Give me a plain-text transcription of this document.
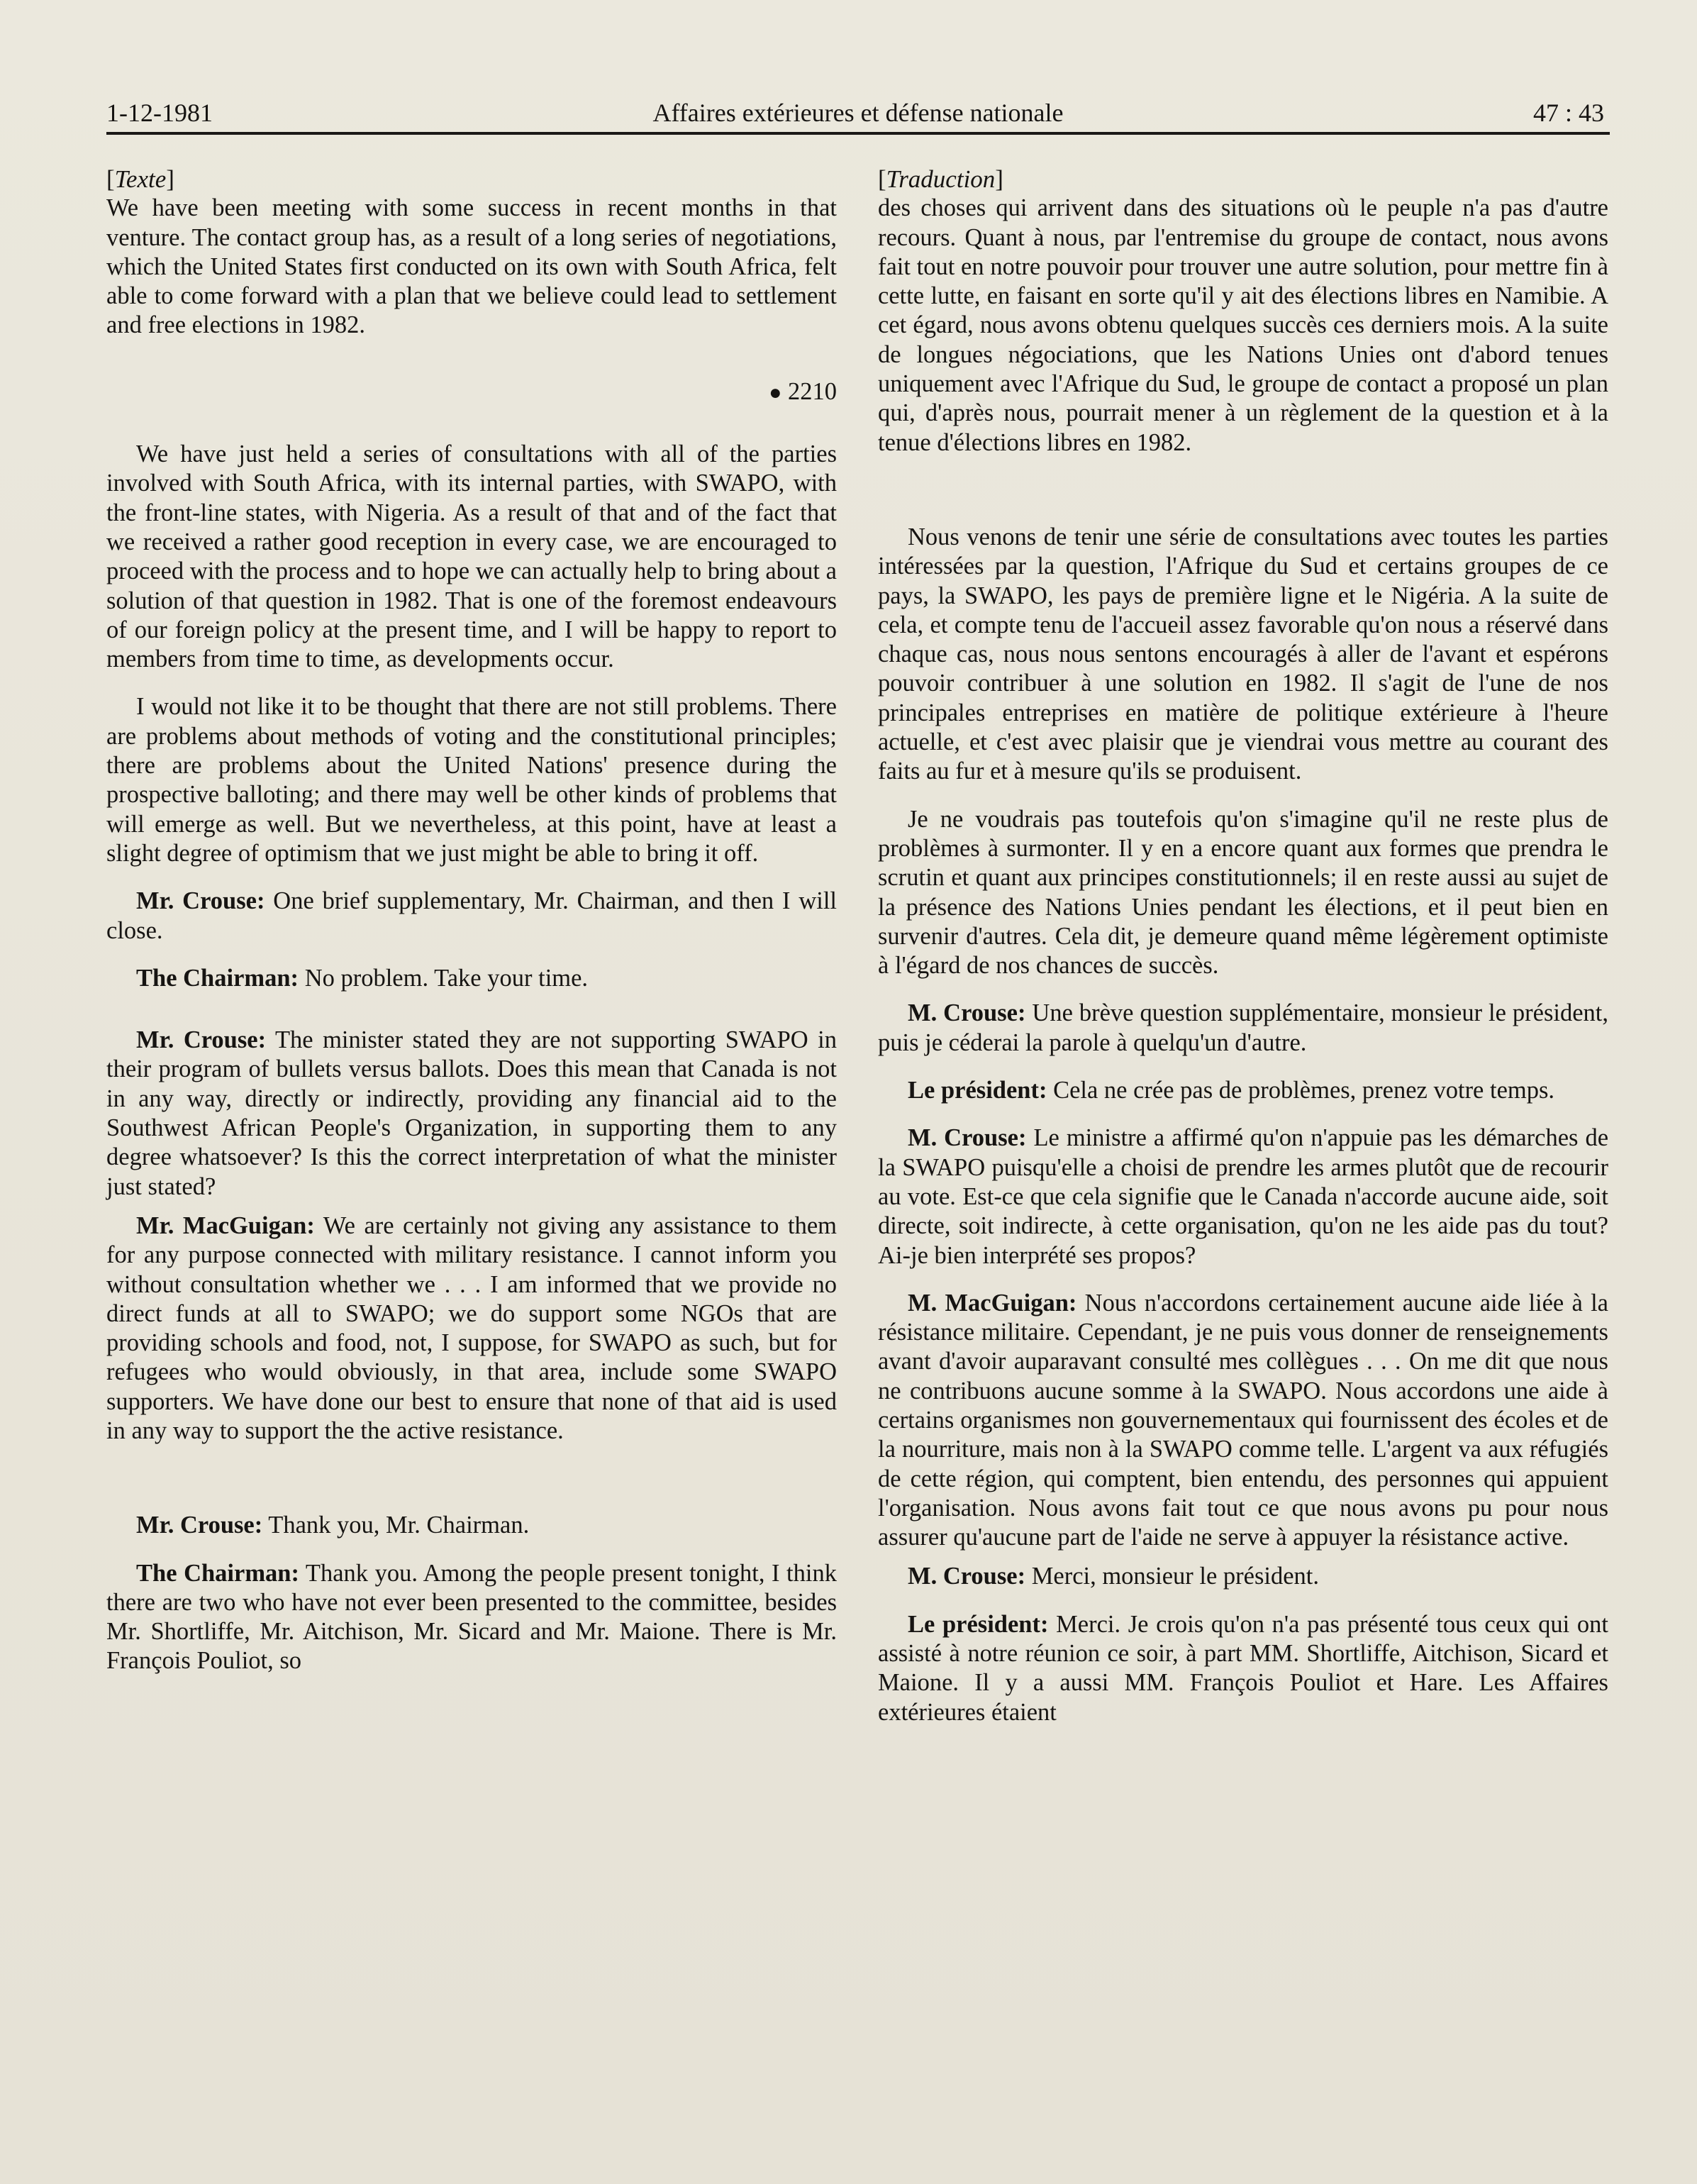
1-12-1981	Affaires extérieures et défense nationale	47 : 43

[Texte]

We have been meeting with some success in recent months in that venture. The contact group has, as a result of a long series of negotiations, which the United States first conducted on its own with South Africa, felt able to come forward with a plan that we believe could lead to settlement and free elections in 1982.

● 2210

We have just held a series of consultations with all of the parties involved with South Africa, with its internal parties, with SWAPO, with the front-line states, with Nigeria. As a result of that and of the fact that we received a rather good reception in every case, we are encouraged to proceed with the process and to hope we can actually help to bring about a solution of that question in 1982. That is one of the foremost endeavours of our foreign policy at the present time, and I will be happy to report to members from time to time, as developments occur.

I would not like it to be thought that there are not still problems. There are problems about methods of voting and the constitutional principles; there are problems about the United Nations' presence during the prospective balloting; and there may well be other kinds of problems that will emerge as well. But we nevertheless, at this point, have at least a slight degree of optimism that we just might be able to bring it off.

Mr. Crouse: One brief supplementary, Mr. Chairman, and then I will close.

The Chairman: No problem. Take your time.

Mr. Crouse: The minister stated they are not supporting SWAPO in their program of bullets versus ballots. Does this mean that Canada is not in any way, directly or indirectly, providing any financial aid to the Southwest African People's Organization, in supporting them to any degree whatsoever? Is this the correct interpretation of what the minister just stated?

Mr. MacGuigan: We are certainly not giving any assistance to them for any purpose connected with military resistance. I cannot inform you without consultation whether we . . . I am informed that we provide no direct funds at all to SWAPO; we do support some NGOs that are providing schools and food, not, I suppose, for SWAPO as such, but for refugees who would obviously, in that area, include some SWAPO supporters. We have done our best to ensure that none of that aid is used in any way to support the the active resistance.

Mr. Crouse: Thank you, Mr. Chairman.

The Chairman: Thank you. Among the people present tonight, I think there are two who have not ever been presented to the committee, besides Mr. Shortliffe, Mr. Aitchison, Mr. Sicard and Mr. Maione. There is Mr. François Pouliot, so

[Traduction]

des choses qui arrivent dans des situations où le peuple n'a pas d'autre recours. Quant à nous, par l'entremise du groupe de contact, nous avons fait tout en notre pouvoir pour trouver une autre solution, pour mettre fin à cette lutte, en faisant en sorte qu'il y ait des élections libres en Namibie. A cet égard, nous avons obtenu quelques succès ces derniers mois. A la suite de longues négociations, que les Nations Unies ont d'abord tenues uniquement avec l'Afrique du Sud, le groupe de contact a proposé un plan qui, d'après nous, pourrait mener à un règlement de la question et à la tenue d'élections libres en 1982.

Nous venons de tenir une série de consultations avec toutes les parties intéressées par la question, l'Afrique du Sud et certains groupes de ce pays, la SWAPO, les pays de première ligne et le Nigéria. A la suite de cela, et compte tenu de l'accueil assez favorable qu'on nous a réservé dans chaque cas, nous nous sentons encouragés à aller de l'avant et espérons pouvoir contribuer à une solution en 1982. Il s'agit de l'une de nos principales entreprises en matière de politique extérieure à l'heure actuelle, et c'est avec plaisir que je viendrai vous mettre au courant des faits au fur et à mesure qu'ils se produisent.

Je ne voudrais pas toutefois qu'on s'imagine qu'il ne reste plus de problèmes à surmonter. Il y en a encore quant aux formes que prendra le scrutin et quant aux principes constitutionnels; il en reste aussi au sujet de la présence des Nations Unies pendant les élections, et il peut bien en survenir d'autres. Cela dit, je demeure quand même légèrement optimiste à l'égard de nos chances de succès.

M. Crouse: Une brève question supplémentaire, monsieur le président, puis je céderai la parole à quelqu'un d'autre.

Le président: Cela ne crée pas de problèmes, prenez votre temps.

M. Crouse: Le ministre a affirmé qu'on n'appuie pas les démarches de la SWAPO puisqu'elle a choisi de prendre les armes plutôt que de recourir au vote. Est-ce que cela signifie que le Canada n'accorde aucune aide, soit directe, soit indirecte, à cette organisation, qu'on ne les aide pas du tout? Ai-je bien interprété ses propos?

M. MacGuigan: Nous n'accordons certainement aucune aide liée à la résistance militaire. Cependant, je ne puis vous donner de renseignements avant d'avoir auparavant consulté mes collègues . . . On me dit que nous ne contribuons aucune somme à la SWAPO. Nous accordons une aide à certains organismes non gouvernementaux qui fournissent des écoles et de la nourriture, mais non à la SWAPO comme telle. L'argent va aux réfugiés de cette région, qui comptent, bien entendu, des personnes qui appuient l'organisation. Nous avons fait tout ce que nous avons pu pour nous assurer qu'aucune part de l'aide ne serve à appuyer la résistance active.

M. Crouse: Merci, monsieur le président.

Le président: Merci. Je crois qu'on n'a pas présenté tous ceux qui ont assisté à notre réunion ce soir, à part MM. Shortliffe, Aitchison, Sicard et Maione. Il y a aussi MM. François Pouliot et Hare. Les Affaires extérieures étaient
